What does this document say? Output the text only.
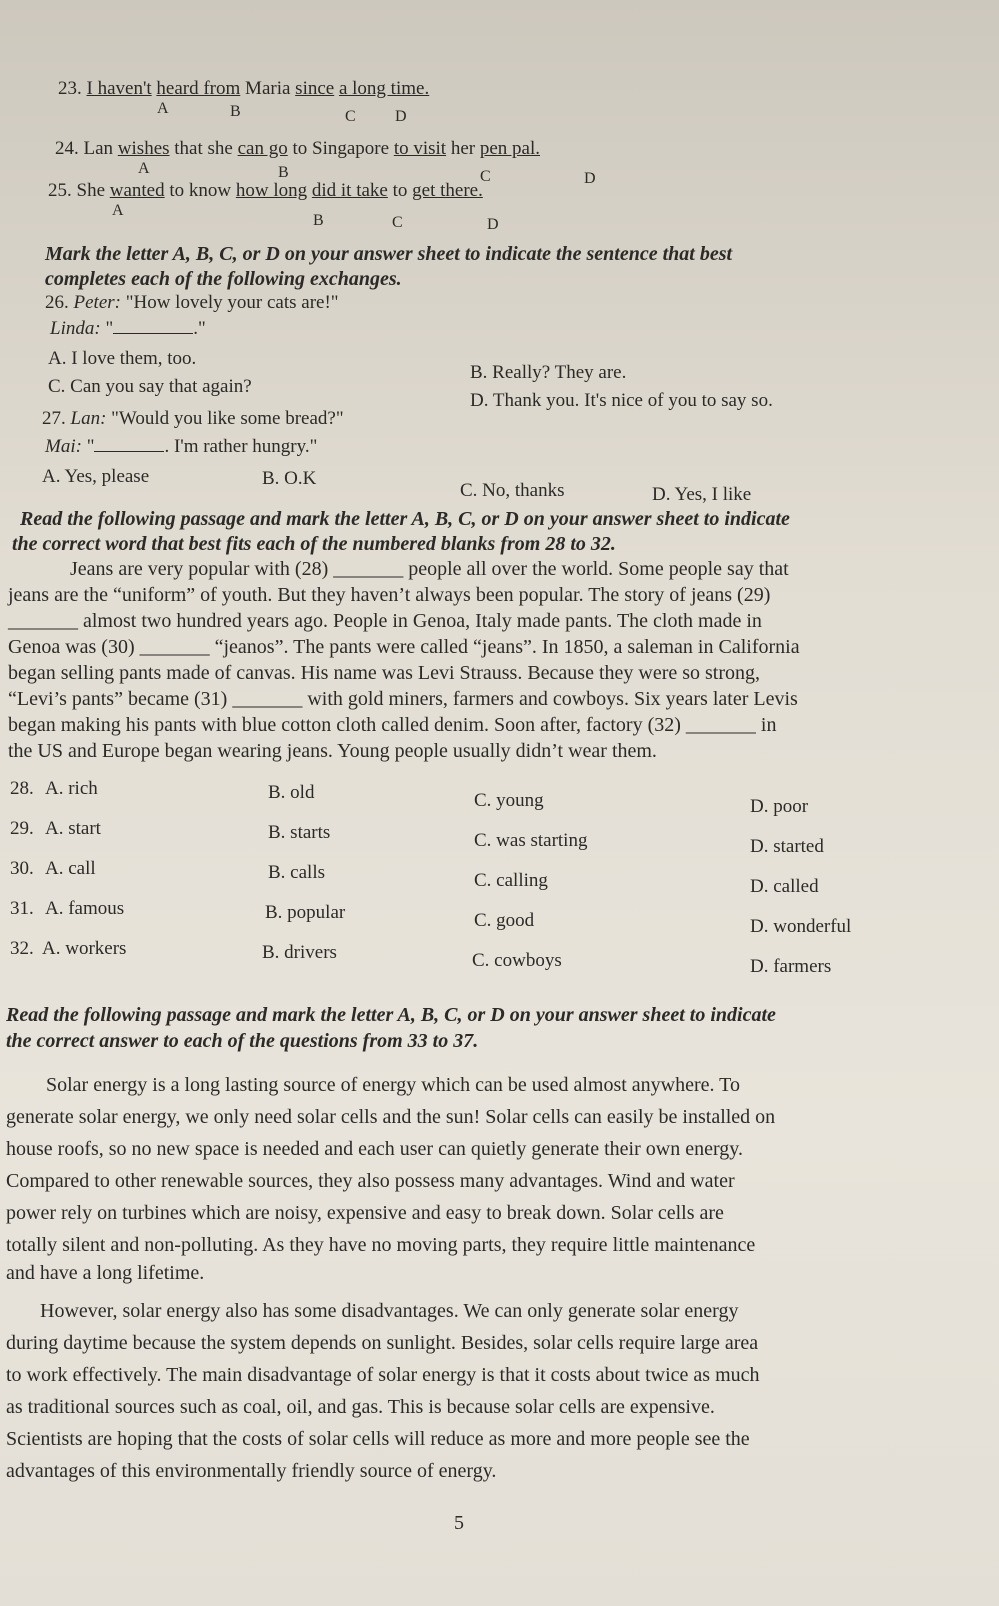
23. I haven't heard from Maria since a long time.
A	B	C D
24. Lan wishes that she can go to Singapore to visit her pen pal.
A	B	C	D
25. She wanted to know how long did it take to get there.
A
B	C	D
Mark the letter A, B, C, or D on your answer sheet to indicate the sentence that best
completes each of the following exchanges.
26. Peter: "How lovely your cats are!"
Linda: "	."
A. I love them, too.
B. Really? They are.
C. Can you say that again?
D. Thank you. It's nice of you to say so.
27. Lan: "Would you like some bread?"
Mai: "	. I'm rather hungry."
A. Yes, please	B. O.K
C. No, thanks	D. Yes, I like
Read the following passage and mark the letter A, B, C, or D on your answer sheet to indicate
the correct word that best fits each of the numbered blanks from 28 to 32.
Jeans are very popular with (28) _______ people all over the world. Some people say that
jeans are the “uniform” of youth. But they haven’t always been popular. The story of jeans (29)
_______ almost two hundred years ago. People in Genoa, Italy made pants. The cloth made in
Genoa was (30) _______ “jeanos”. The pants were called “jeans”. In 1850, a saleman in California
began selling pants made of canvas. His name was Levi Strauss. Because they were so strong,
“Levi’s pants” became (31) _______ with gold miners, farmers and cowboys. Six years later Levis
began making his pants with blue cotton cloth called denim. Soon after, factory (32) _______ in
the US and Europe began wearing jeans. Young people usually didn’t wear them.
28. A. rich	B. old	C. young	D. poor
29. A. start	B. starts	C. was starting	D. started
30. A. call	B. calls	C. calling	D. called
31. A. famous	B. popular	C. good	D. wonderful
32. A. workers	B. drivers	C. cowboys	D. farmers
Read the following passage and mark the letter A, B, C, or D on your answer sheet to indicate
the correct answer to each of the questions from 33 to 37.
Solar energy is a long lasting source of energy which can be used almost anywhere. To
generate solar energy, we only need solar cells and the sun! Solar cells can easily be installed on
house roofs, so no new space is needed and each user can quietly generate their own energy.
Compared to other renewable sources, they also possess many advantages. Wind and water
power rely on turbines which are noisy, expensive and easy to break down. Solar cells are
totally silent and non-polluting. As they have no moving parts, they require little maintenance
and have a long lifetime.
However, solar energy also has some disadvantages. We can only generate solar energy
during daytime because the system depends on sunlight. Besides, solar cells require large area
to work effectively. The main disadvantage of solar energy is that it costs about twice as much
as traditional sources such as coal, oil, and gas. This is because solar cells are expensive.
Scientists are hoping that the costs of solar cells will reduce as more and more people see the
advantages of this environmentally friendly source of energy.
5
